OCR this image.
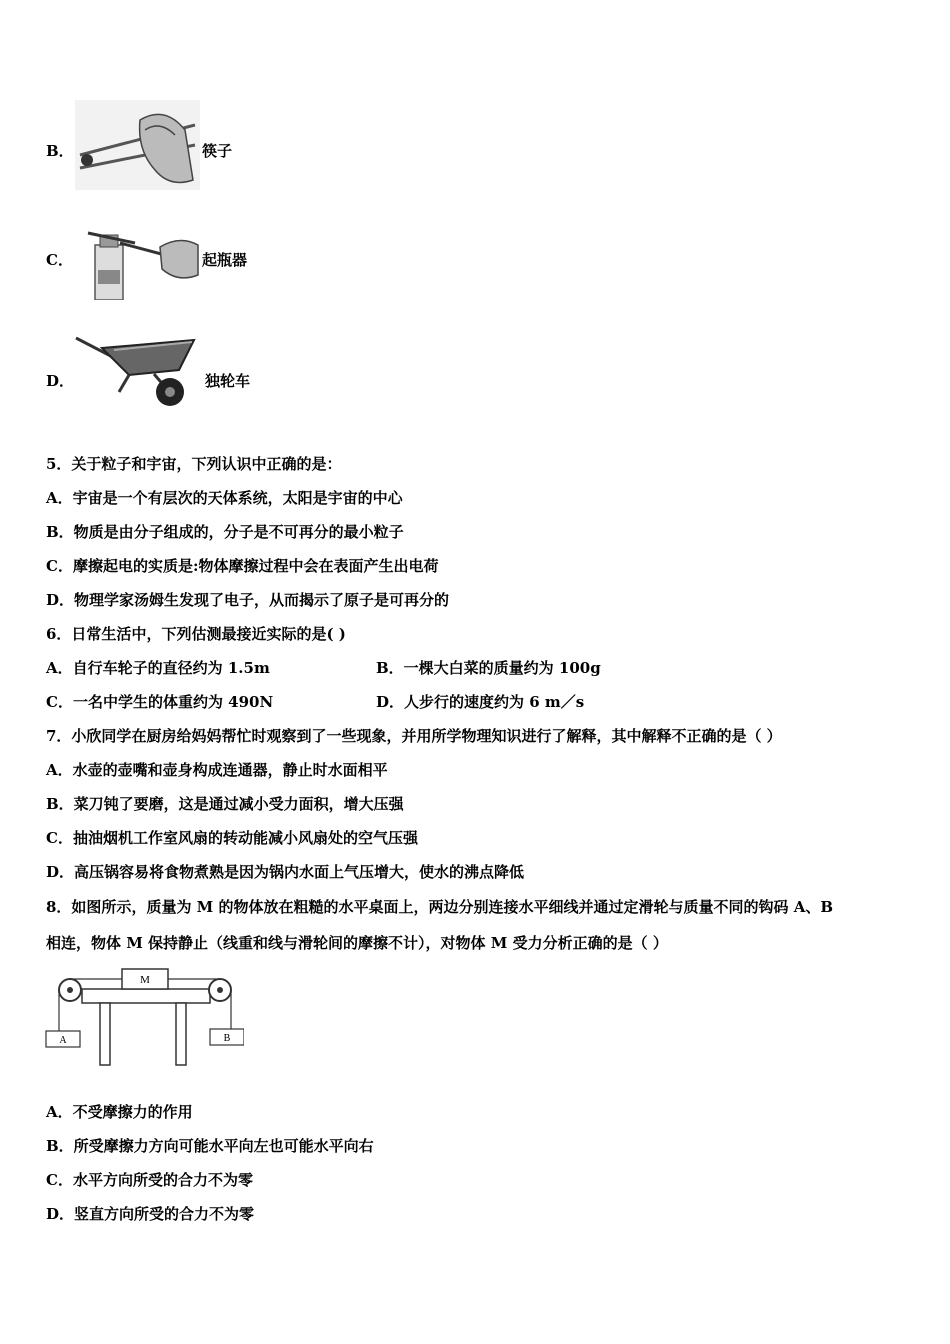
B．	筷子
C．	起瓶器
D．	独轮车
5．关于粒子和宇宙，下列认识中正确的是：
A．宇宙是一个有层次的天体系统，太阳是宇宙的中心
B．物质是由分子组成的，分子是不可再分的最小粒子
C．摩擦起电的实质是:物体摩擦过程中会在表面产生出电荷
D．物理学家汤姆生发现了电子，从而揭示了原子是可再分的
6．日常生活中，下列估测最接近实际的是( )
A．自行车轮子的直径约为 1.5m	B．一棵大白菜的质量约为 100g
C．一名中学生的体重约为 490N	D．人步行的速度约为 6 m／s
7．小欣同学在厨房给妈妈帮忙时观察到了一些现象，并用所学物理知识进行了解释，其中解释不正确的是（ ）
A．水壶的壶嘴和壶身构成连通器，静止时水面相平
B．菜刀钝了要磨，这是通过减小受力面积，增大压强
C．抽油烟机工作室风扇的转动能减小风扇处的空气压强
D．高压锅容易将食物煮熟是因为锅内水面上气压增大，使水的沸点降低
8．如图所示，质量为 M 的物体放在粗糙的水平桌面上，两边分别连接水平细线并通过定滑轮与质量不同的钩码 A、B
相连，物体 M 保持静止（线重和线与滑轮间的摩擦不计），对物体 M 受力分析正确的是（ ）
M
A	B
A．不受摩擦力的作用
B．所受摩擦力方向可能水平向左也可能水平向右
C．水平方向所受的合力不为零
D．竖直方向所受的合力不为零
